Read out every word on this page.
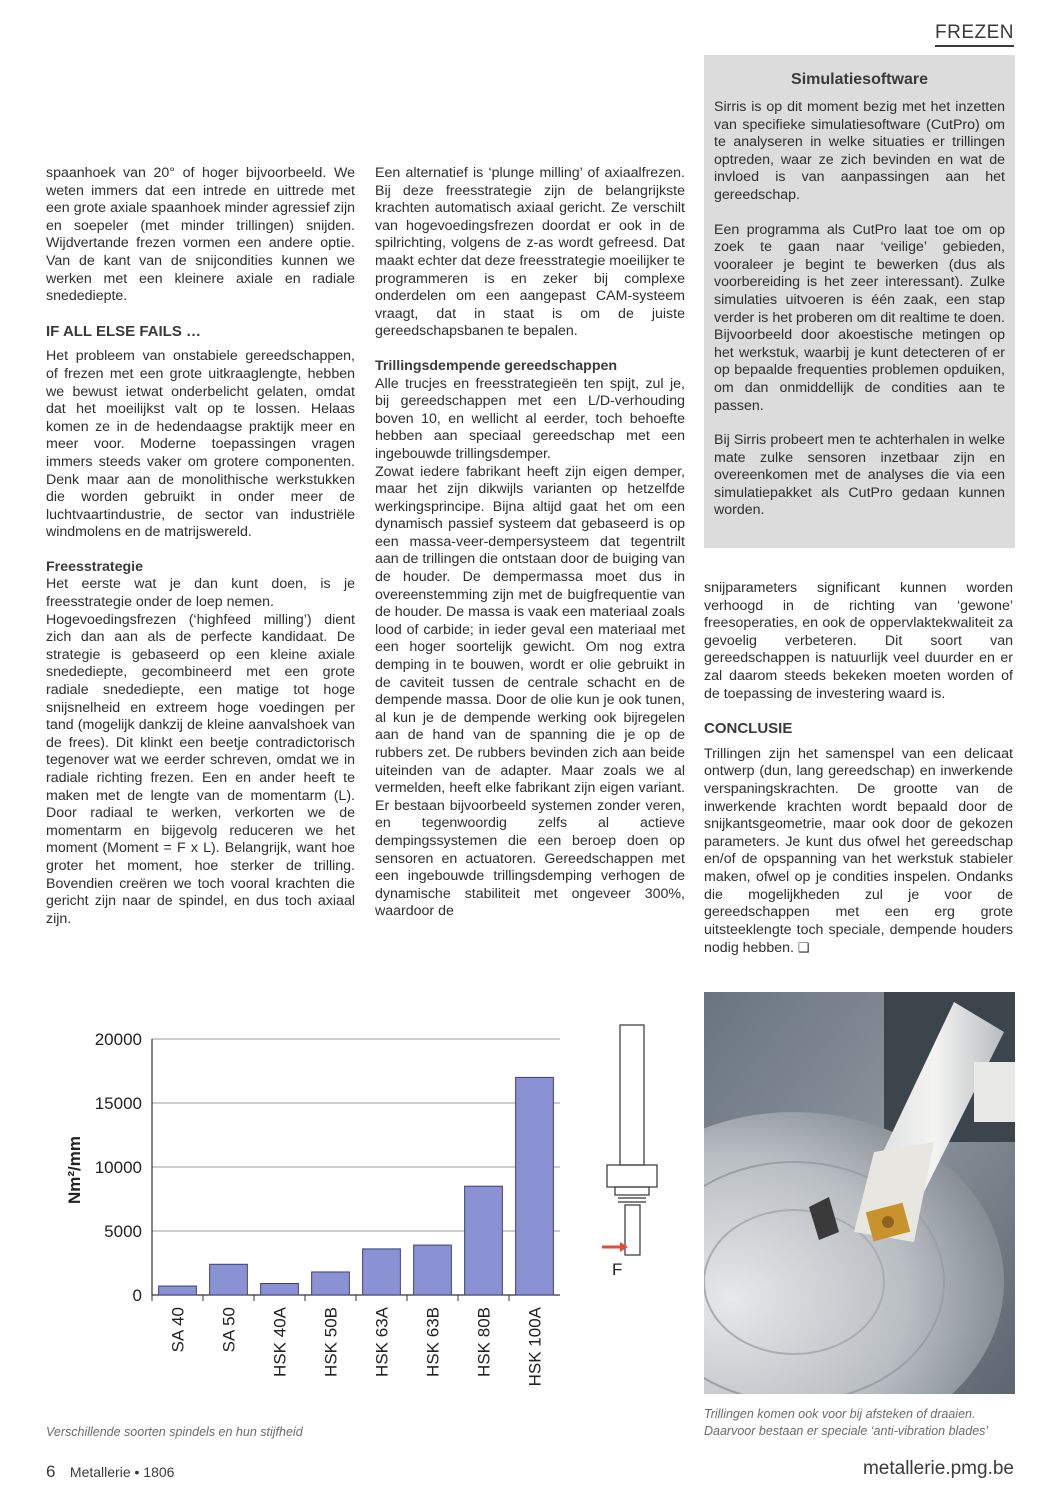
FREZEN
Simulatiesoftware

Sirris is op dit moment bezig met het inzetten van specifieke simulatiesoftware (CutPro) om te analyseren in welke situaties er trillingen optreden, waar ze zich bevinden en wat de invloed is van aanpassingen aan het gereedschap.

Een programma als CutPro laat toe om op zoek te gaan naar ‘veilige’ gebieden, vooraleer je begint te bewerken (dus als voorbereiding is het zeer interessant). Zulke simulaties uitvoeren is één zaak, een stap verder is het proberen om dit realtime te doen. Bijvoorbeeld door akoestische metingen op het werkstuk, waarbij je kunt detecteren of er op bepaalde frequenties problemen opduiken, om dan onmiddellijk de condities aan te passen.

Bij Sirris probeert men te achterhalen in welke mate zulke sensoren inzetbaar zijn en overeenkomen met de analyses die via een simulatiepakket als CutPro gedaan kunnen worden.

spaanhoek van 20° of hoger bijvoorbeeld. We weten immers dat een intrede en uittrede met een grote axiale spaanhoek minder agressief zijn en soepeler (met minder trillingen) snijden. Wijdvertande frezen vormen een andere optie. Van de kant van de snijcondities kunnen we werken met een kleinere axiale en radiale snedediepte.

IF ALL ELSE FAILS …

Het probleem van onstabiele gereedschappen, of frezen met een grote uitkraaglengte, hebben we bewust ietwat onderbelicht gelaten, omdat dat het moeilijkst valt op te lossen. Helaas komen ze in de hedendaagse praktijk meer en meer voor. Moderne toepassingen vragen immers steeds vaker om grotere componenten. Denk maar aan de monolithische werkstukken die worden gebruikt in onder meer de luchtvaartindustrie, de sector van industriële windmolens en de matrijswereld.

Freesstrategie

Het eerste wat je dan kunt doen, is je freesstrategie onder de loep nemen.

Hogevoedingsfrezen (‘highfeed milling’) dient zich dan aan als de perfecte kandidaat. De strategie is gebaseerd op een kleine axiale snedediepte, gecombineerd met een grote radiale snedediepte, een matige tot hoge snijsnelheid en extreem hoge voedingen per tand (mogelijk dankzij de kleine aanvalshoek van de frees). Dit klinkt een beetje contradictorisch tegenover wat we eerder schreven, omdat we in radiale richting frezen. Een en ander heeft te maken met de lengte van de momentarm (L). Door radiaal te werken, verkorten we de momentarm en bijgevolg reduceren we het moment (Moment = F x L). Belangrijk, want hoe groter het moment, hoe sterker de trilling. Bovendien creëren we toch vooral krachten die gericht zijn naar de spindel, en dus toch axiaal zijn.

Een alternatief is ‘plunge milling’ of axiaalfrezen. Bij deze freesstrategie zijn de belangrijkste krachten automatisch axiaal gericht. Ze verschilt van hogevoedingsfrezen doordat er ook in de spilrichting, volgens de z-as wordt gefreesd. Dat maakt echter dat deze freesstrategie moeilijker te programmeren is en zeker bij complexe onderdelen om een aangepast CAM-systeem vraagt, dat in staat is om de juiste gereedschapsbanen te bepalen.

Trillingsdempende gereedschappen

Alle trucjes en freesstrategieën ten spijt, zul je, bij gereedschappen met een L/D-verhouding boven 10, en wellicht al eerder, toch behoefte hebben aan speciaal gereedschap met een ingebouwde trillingsdemper.

Zowat iedere fabrikant heeft zijn eigen demper, maar het zijn dikwijls varianten op hetzelfde werkingsprincipe. Bijna altijd gaat het om een dynamisch passief systeem dat gebaseerd is op een massa-veer-dempersysteem dat tegentrilt aan de trillingen die ontstaan door de buiging van de houder. De dempermassa moet dus in overeenstemming zijn met de buigfrequentie van de houder. De massa is vaak een materiaal zoals lood of carbide; in ieder geval een materiaal met een hoger soortelijk gewicht. Om nog extra demping in te bouwen, wordt er olie gebruikt in de caviteit tussen de centrale schacht en de dempende massa. Door de olie kun je ook tunen, al kun je de dempende werking ook bijregelen aan de hand van de spanning die je op de rubbers zet. De rubbers bevinden zich aan beide uiteinden van de adapter. Maar zoals we al vermelden, heeft elke fabrikant zijn eigen variant. Er bestaan bijvoorbeeld systemen zonder veren, en tegenwoordig zelfs al actieve dempingssystemen die een beroep doen op sensoren en actuatoren. Gereedschappen met een ingebouwde trillingsdemping verhogen de dynamische stabiliteit met ongeveer 300%, waardoor de

snijparameters significant kunnen worden verhoogd in de richting van ‘gewone’ freesoperaties, en ook de oppervlaktekwaliteit za gevoelig verbeteren. Dit soort van gereedschappen is natuurlijk veel duurder en er zal daarom steeds bekeken moeten worden of de toepassing de investering waard is.

CONCLUSIE

Trillingen zijn het samenspel van een delicaat ontwerp (dun, lang gereedschap) en inwerkende verspaningskrachten. De grootte van de inwerkende krachten wordt bepaald door de snijkantsgeometrie, maar ook door de gekozen parameters. Je kunt dus ofwel het gereedschap en/of de opspanning van het werkstuk stabieler maken, ofwel op je condities inspelen. Ondanks die mogelijkheden zul je voor de gereedschappen met een erg grote uitsteeklengte toch speciale, dempende houders nodig hebben. ❑

0
5000
10000
15000
20000
SA 40 SA 50 HSK 40A HSK 50B HSK 63A HSK 63B HSK 80B HSK 100A
Nm²/mm
F
Verschillende soorten spindels en hun stijfheid
Trillingen komen ook voor bij afsteken of draaien. Daarvoor bestaan er speciale ‘anti-vibration blades’
6 Metallerie • 1806	metallerie.pmg.be
